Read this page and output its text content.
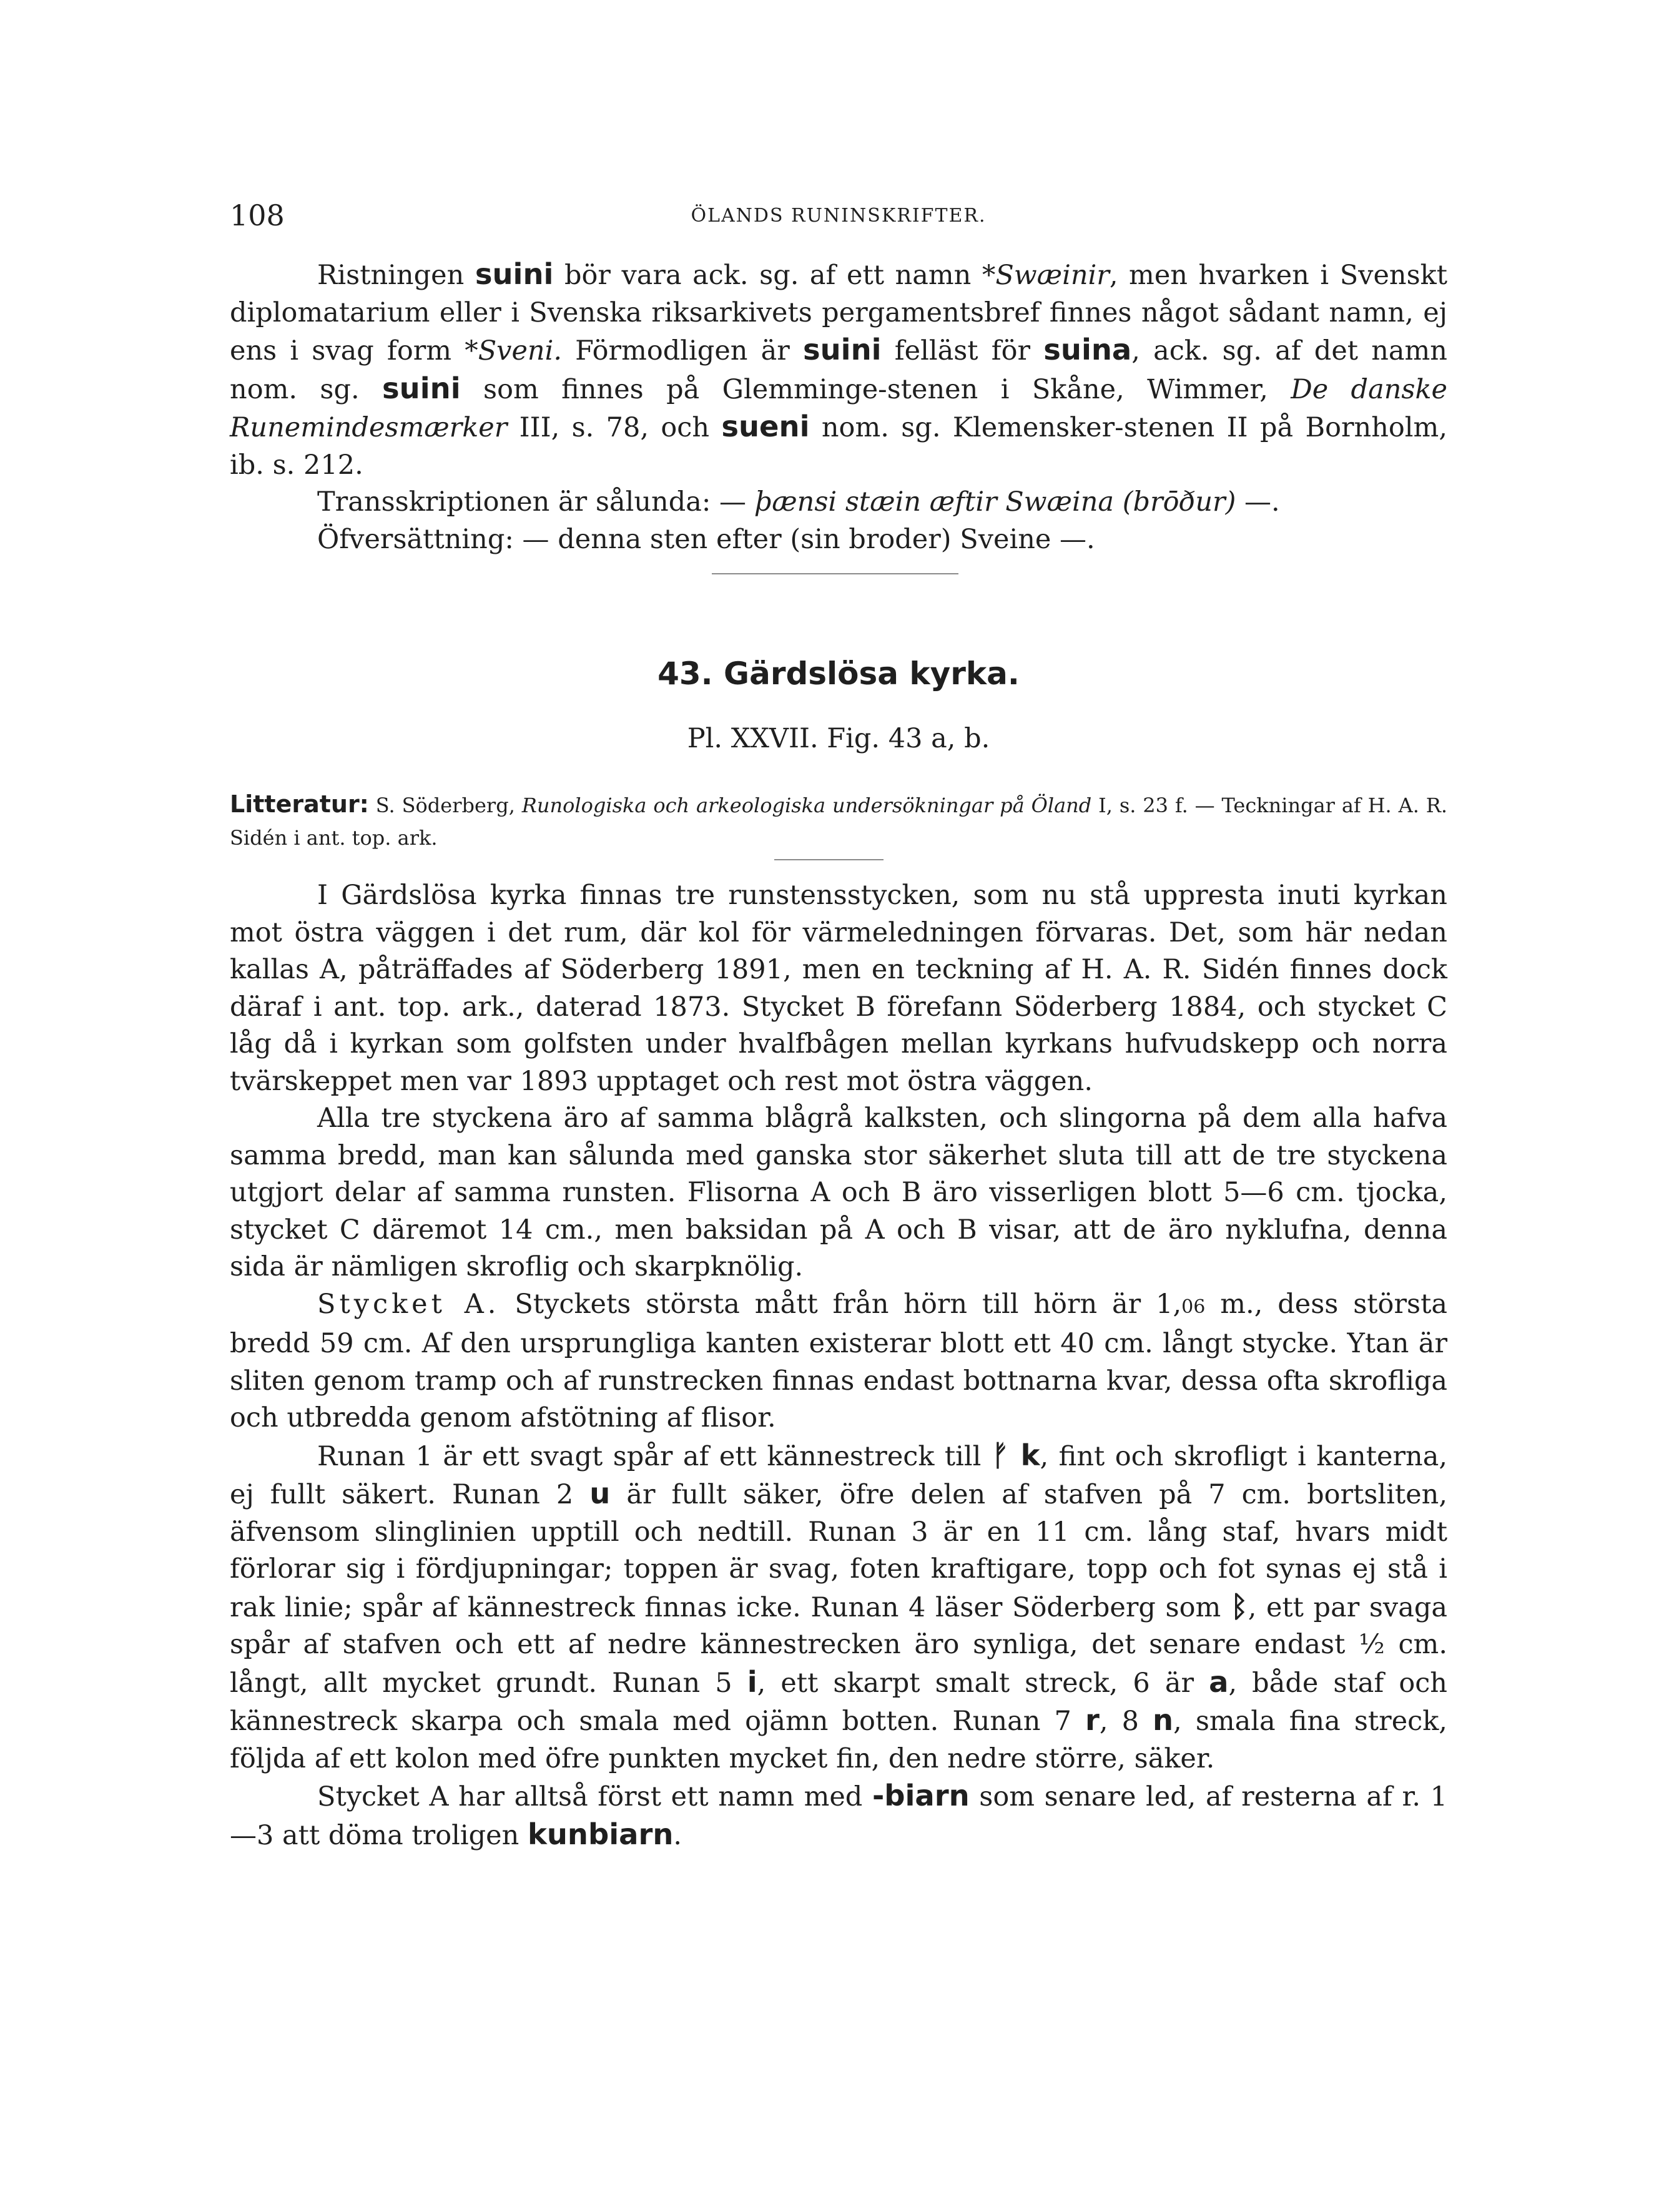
108	ÖLANDS RUNINSKRIFTER.

Ristningen suini bör vara ack. sg. af ett namn *Swæinir, men hvarken i Svenskt diplomatarium eller i Svenska riksarkivets pergamentsbref finnes något sådant namn, ej ens i svag form *Sveni. Förmodligen är suini felläst för suina, ack. sg. af det namn nom. sg. suini som finnes på Glemminge-stenen i Skåne, Wimmer, De danske Runemindesmærker III, s. 78, och sueni nom. sg. Klemensker-stenen II på Bornholm, ib. s. 212.

Transskriptionen är sålunda: — þænsi stæin æftir Swæina (brōður) —.

Öfversättning: — denna sten efter (sin broder) Sveine —.

43. Gärdslösa kyrka.
Pl. XXVII. Fig. 43 a, b.
Litteratur: S. Söderberg, Runologiska och arkeologiska undersökningar på Öland I, s. 23 f. — Teckningar af H. A. R. Sidén i ant. top. ark.

I Gärdslösa kyrka finnas tre runstensstycken, som nu stå uppresta inuti kyrkan mot östra väggen i det rum, där kol för värmeledningen förvaras. Det, som här nedan kallas A, påträffades af Söderberg 1891, men en teckning af H. A. R. Sidén finnes dock däraf i ant. top. ark., daterad 1873. Stycket B förefann Söderberg 1884, och stycket C låg då i kyrkan som golfsten under hvalfbågen mellan kyrkans hufvudskepp och norra tvärskeppet men var 1893 upptaget och rest mot östra väggen.

Alla tre styckena äro af samma blågrå kalksten, och slingorna på dem alla hafva samma bredd, man kan sålunda med ganska stor säkerhet sluta till att de tre styckena utgjort delar af samma runsten. Flisorna A och B äro visserligen blott 5—6 cm. tjocka, stycket C däremot 14 cm., men baksidan på A och B visar, att de äro nyklufna, denna sida är nämligen skroflig och skarpknölig.

Stycket A. Styckets största mått från hörn till hörn är 1,06 m., dess största bredd 59 cm. Af den ursprungliga kanten existerar blott ett 40 cm. långt stycke. Ytan är sliten genom tramp och af runstrecken finnas endast bottnarna kvar, dessa ofta skrofliga och utbredda genom afstötning af flisor.

Runan 1 är ett svagt spår af ett kännestreck till ᚠ k, fint och skrofligt i kanterna, ej fullt säkert. Runan 2 u är fullt säker, öfre delen af stafven på 7 cm. bortsliten, äfvensom slinglinien upptill och nedtill. Runan 3 är en 11 cm. lång staf, hvars midt förlorar sig i fördjupningar; toppen är svag, foten kraftigare, topp och fot synas ej stå i rak linie; spår af kännestreck finnas icke. Runan 4 läser Söderberg som ᛒ, ett par svaga spår af stafven och ett af nedre kännestrecken äro synliga, det senare endast ½ cm. långt, allt mycket grundt. Runan 5 i, ett skarpt smalt streck, 6 är a, både staf och kännestreck skarpa och smala med ojämn botten. Runan 7 r, 8 n, smala fina streck, följda af ett kolon med öfre punkten mycket fin, den nedre större, säker.

Stycket A har alltså först ett namn med -biarn som senare led, af resterna af r. 1—3 att döma troligen kunbiarn.
